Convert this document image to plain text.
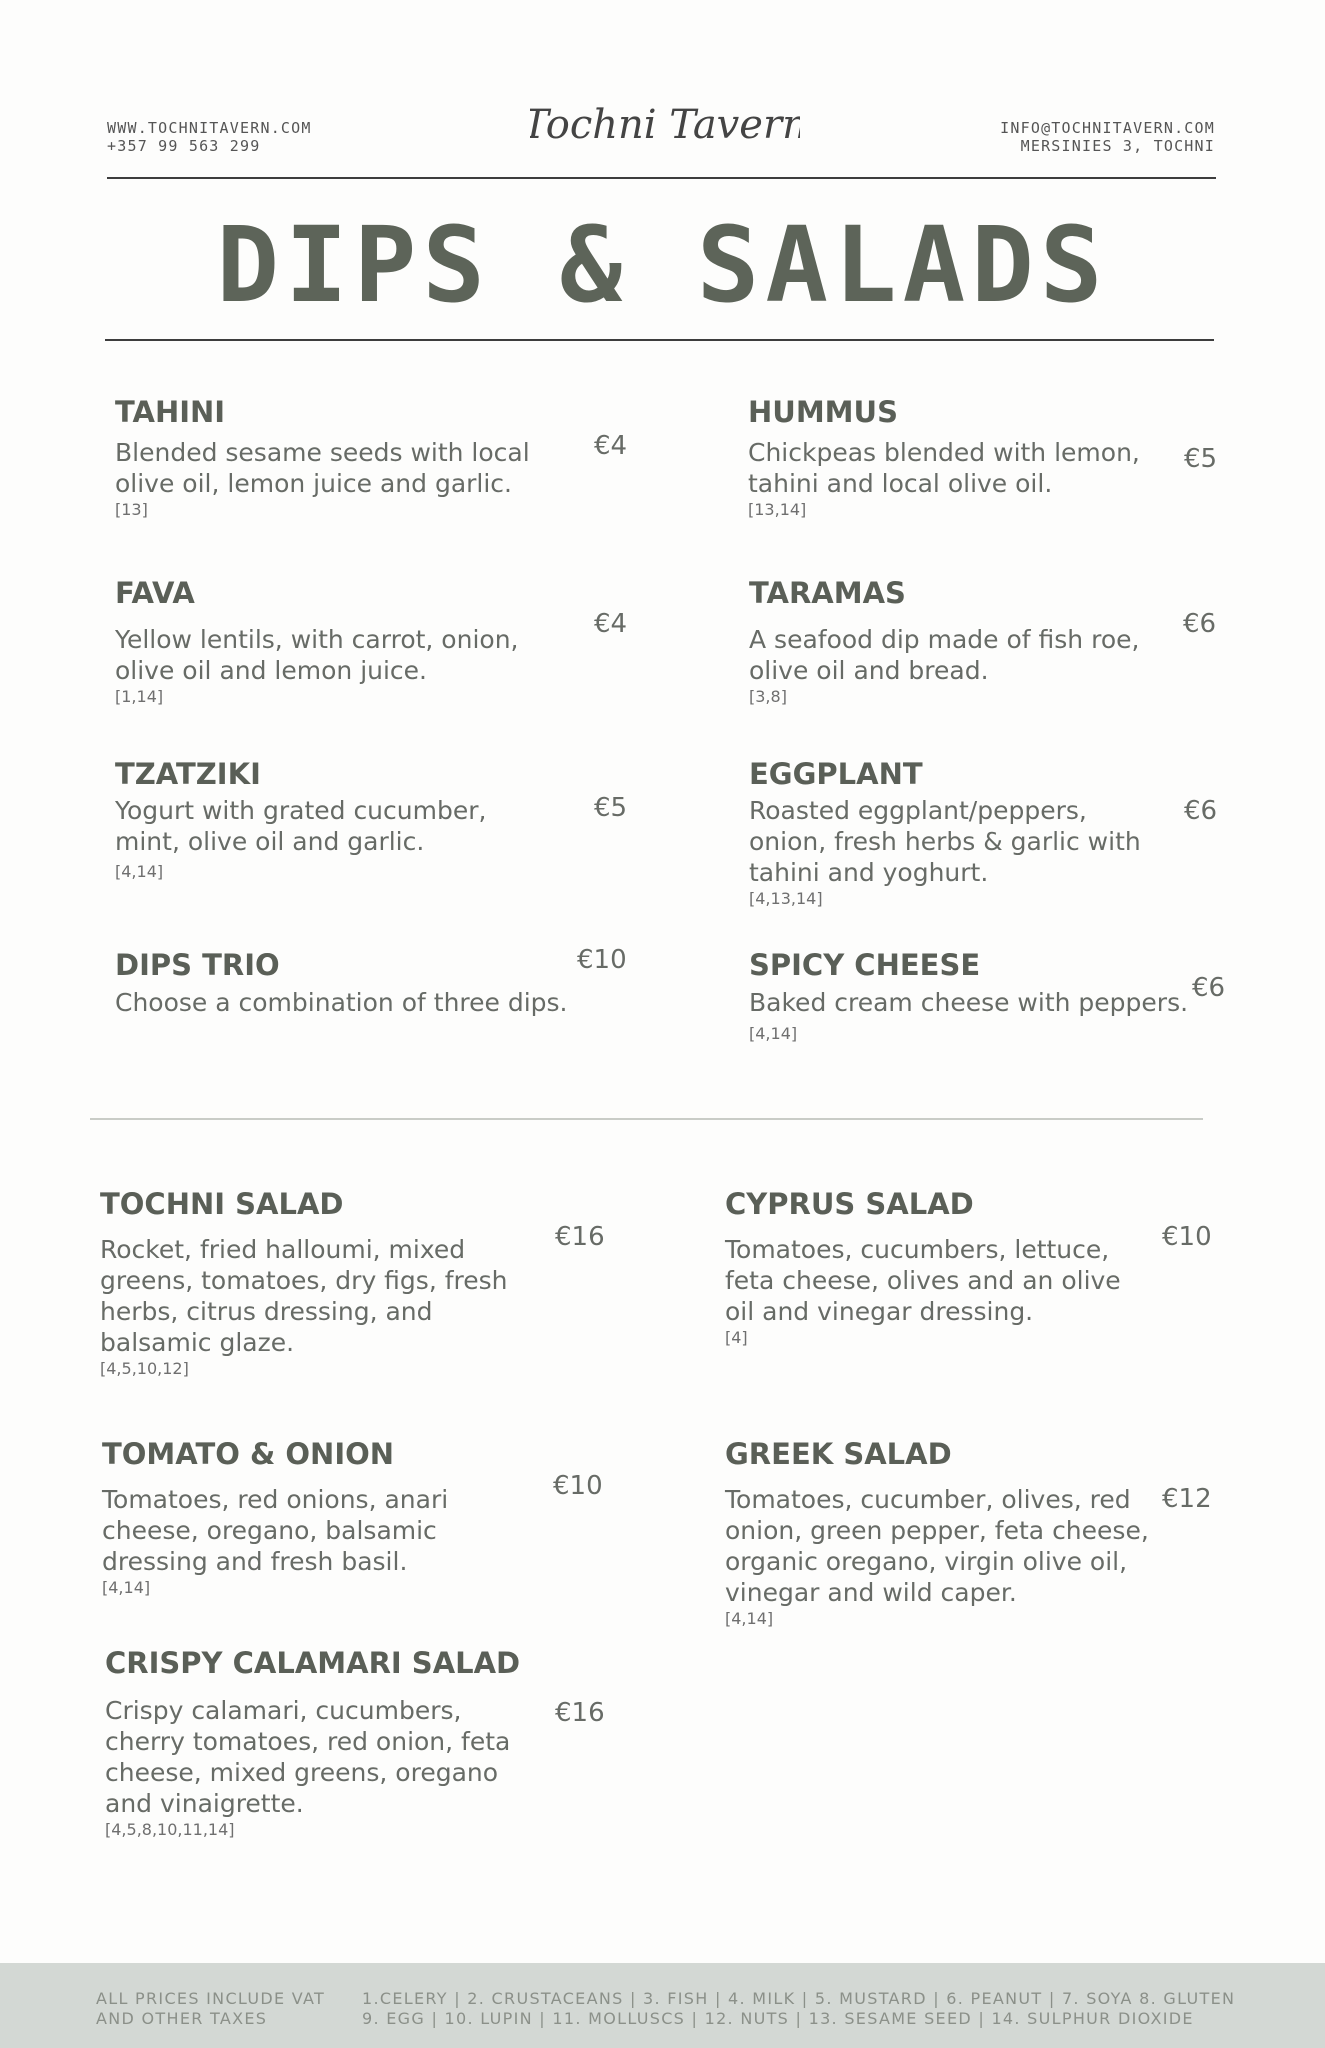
WWW.TOCHNITAVERN.COM
+357 99 563 299	Tochni Tavern	INFO@TOCHNITAVERN.COM
MERSINIES 3, TOCHNI
DIPS & SALADS
TAHINI
Blended sesame seeds with local
olive oil, lemon juice and garlic.
[13]
€4
HUMMUS
Chickpeas blended with lemon,
tahini and local olive oil.
[13,14]
€5
FAVA
Yellow lentils, with carrot, onion,
olive oil and lemon juice.
[1,14]
€4
TARAMAS
A seafood dip made of fish roe,
olive oil and bread.
[3,8]
€6
TZATZIKI
Yogurt with grated cucumber,
mint, olive oil and garlic.
[4,14]
€5
EGGPLANT
Roasted eggplant/peppers,
onion, fresh herbs & garlic with
tahini and yoghurt.
[4,13,14]
€6
DIPS TRIO
Choose a combination of three dips.
€10	SPICY CHEESE
Baked cream cheese with peppers.
[4,14]
€6
TOCHNI SALAD
Rocket, fried halloumi, mixed
greens, tomatoes, dry figs, fresh
herbs, citrus dressing, and
balsamic glaze.
[4,5,10,12]
€16
CYPRUS SALAD
Tomatoes, cucumbers, lettuce,
feta cheese, olives and an olive
oil and vinegar dressing.
[4]
€10
TOMATO & ONION
Tomatoes, red onions, anari
cheese, oregano, balsamic
dressing and fresh basil.
[4,14]
€10
GREEK SALAD
Tomatoes, cucumber, olives, red
onion, green pepper, feta cheese,
organic oregano, virgin olive oil,
vinegar and wild caper.
[4,14]
€12
CRISPY CALAMARI SALAD
Crispy calamari, cucumbers,
cherry tomatoes, red onion, feta
cheese, mixed greens, oregano
and vinaigrette.
[4,5,8,10,11,14]
€16
ALL PRICES INCLUDE VAT
AND OTHER TAXES
1.CELERY | 2. CRUSTACEANS | 3. FISH | 4. MILK | 5. MUSTARD | 6. PEANUT | 7. SOYA 8. GLUTEN
9. EGG | 10. LUPIN | 11. MOLLUSCS | 12. NUTS | 13. SESAME SEED | 14. SULPHUR DIOXIDE
